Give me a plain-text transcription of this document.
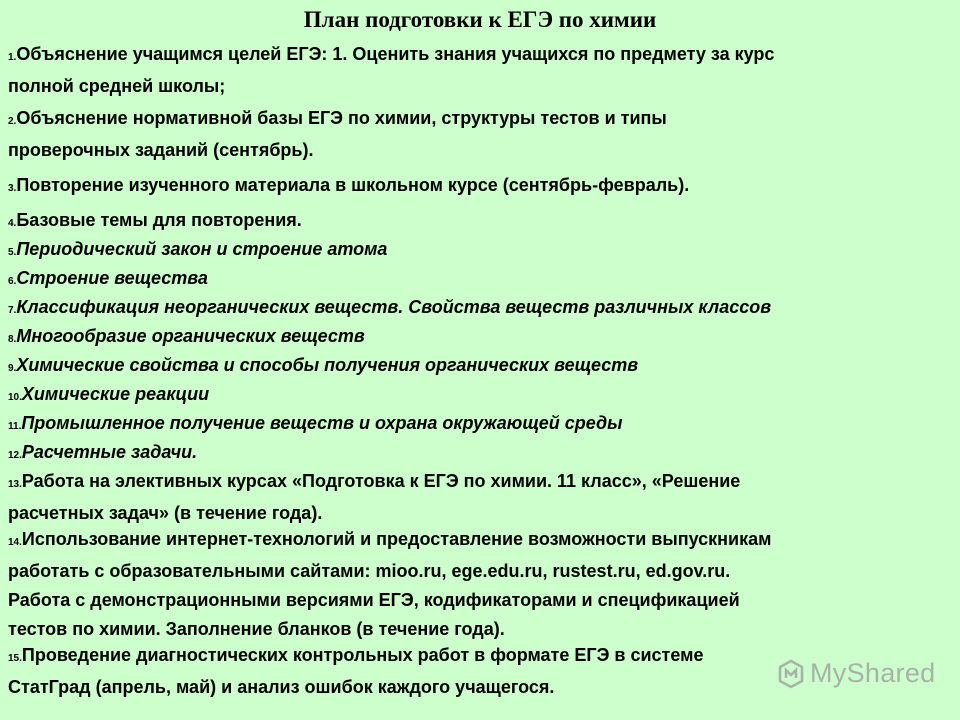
План подготовки к ЕГЭ по химии
1.Объяснение учащимся целей ЕГЭ: 1. Оценить знания учащихся по предмету за курс
полной средней школы;
2.Объяснение нормативной базы ЕГЭ по химии, структуры тестов и типы
проверочных заданий (сентябрь).
3.Повторение изученного материала в школьном курсе (сентябрь-февраль).
4.Базовые темы для повторения.
5.Периодический закон и строение атома
6.Строение вещества
7.Классификация неорганических веществ. Свойства веществ различных классов
8.Многообразие органических веществ
9.Химические свойства и способы получения органических веществ
10.Химические реакции
11.Промышленное получение веществ и охрана окружающей среды
12.Расчетные задачи.
13.Работа на элективных курсах «Подготовка к ЕГЭ по химии. 11 класс», «Решение
расчетных задач» (в течение года).
14.Использование интернет-технологий и предоставление возможности выпускникам
работать с образовательными сайтами: mioo.ru, ege.edu.ru, rustest.ru, ed.gov.ru.
Работа с демонстрационными версиями ЕГЭ, кодификаторами и спецификацией
тестов по химии. Заполнение бланков (в течение года).
15.Проведение диагностических контрольных работ в формате ЕГЭ в системе
СтатГрад (апрель, май) и анализ ошибок каждого учащегося.	MyShared
